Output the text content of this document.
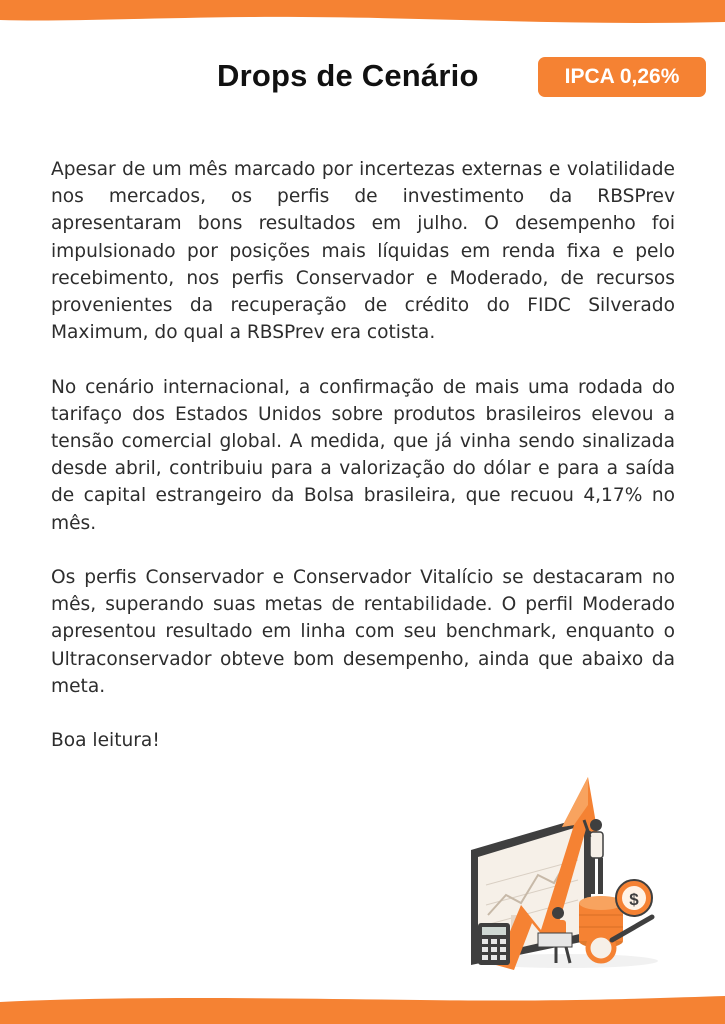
Drops de Cenário	IPCA 0,26%

Apesar de um mês marcado por incertezas externas e volatilidade nos mercados, os perfis de investimento da RBSPrev apresentaram bons resultados em julho. O desempenho foi impulsionado por posições mais líquidas em renda fixa e pelo recebimento, nos perfis Conservador e Moderado, de recursos provenientes da recuperação de crédito do FIDC Silverado Maximum, do qual a RBSPrev era cotista.

No cenário internacional, a confirmação de mais uma rodada do tarifaço dos Estados Unidos sobre produtos brasileiros elevou a tensão comercial global. A medida, que já vinha sendo sinalizada desde abril, contribuiu para a valorização do dólar e para a saída de capital estrangeiro da Bolsa brasileira, que recuou 4,17% no mês.

Os perfis Conservador e Conservador Vitalício se destacaram no mês, superando suas metas de rentabilidade. O perfil Moderado apresentou resultado em linha com seu benchmark, enquanto o Ultraconservador obteve bom desempenho, ainda que abaixo da meta.

Boa leitura!

$
